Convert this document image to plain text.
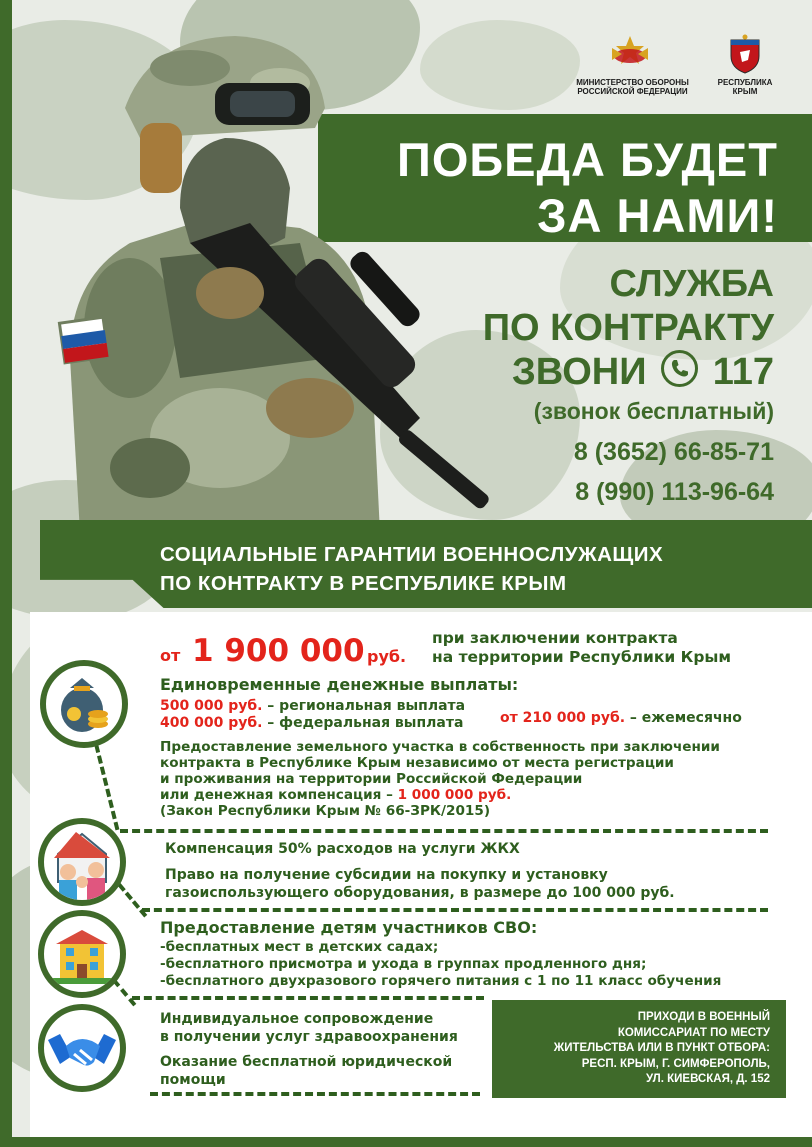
МИНИСТЕРСТВО ОБОРОНЫ
РОССИЙСКОЙ ФЕДЕРАЦИИ
РЕСПУБЛИКА
КРЫМ
ПОБЕДА БУДЕТ
ЗА НАМИ!
СЛУЖБА
ПО КОНТРАКТУ
ЗВОНИ 117
(звонок бесплатный)
8 (3652) 66-85-71
8 (990) 113-96-64
СОЦИАЛЬНЫЕ ГАРАНТИИ ВОЕННОСЛУЖАЩИХ
ПО КОНТРАКТУ В РЕСПУБЛИКЕ КРЫМ
от 1 900 000 руб.
при заключении контракта
на территории Республики Крым
Единовременные денежные выплаты:
500 000 руб. – региональная выплата
400 000 руб. – федеральная выплата	от 210 000 руб. – ежемесячно
Предоставление земельного участка в собственность при заключении
контракта в Республике Крым независимо от места регистрации
и проживания на территории Российской Федерации
или денежная компенсация – 1 000 000 руб.
(Закон Республики Крым № 66-ЗРК/2015)
Компенсация 50% расходов на услуги ЖКХ
Право на получение субсидии на покупку и установку
газоиспользующего оборудования, в размере до 100 000 руб.
Предоставление детям участников СВО:
-бесплатных мест в детских садах;
-бесплатного присмотра и ухода в группах продленного дня;
-бесплатного двухразового горячего питания с 1 по 11 класс обучения
Индивидуальное сопровождение
в получении услуг здравоохранения
Оказание бесплатной юридической
помощи
ПРИХОДИ В ВОЕННЫЙ
КОМИССАРИАТ ПО МЕСТУ
ЖИТЕЛЬСТВА ИЛИ В ПУНКТ ОТБОРА:
РЕСП. КРЫМ, Г. СИМФЕРОПОЛЬ,
УЛ. КИЕВСКАЯ, Д. 152
